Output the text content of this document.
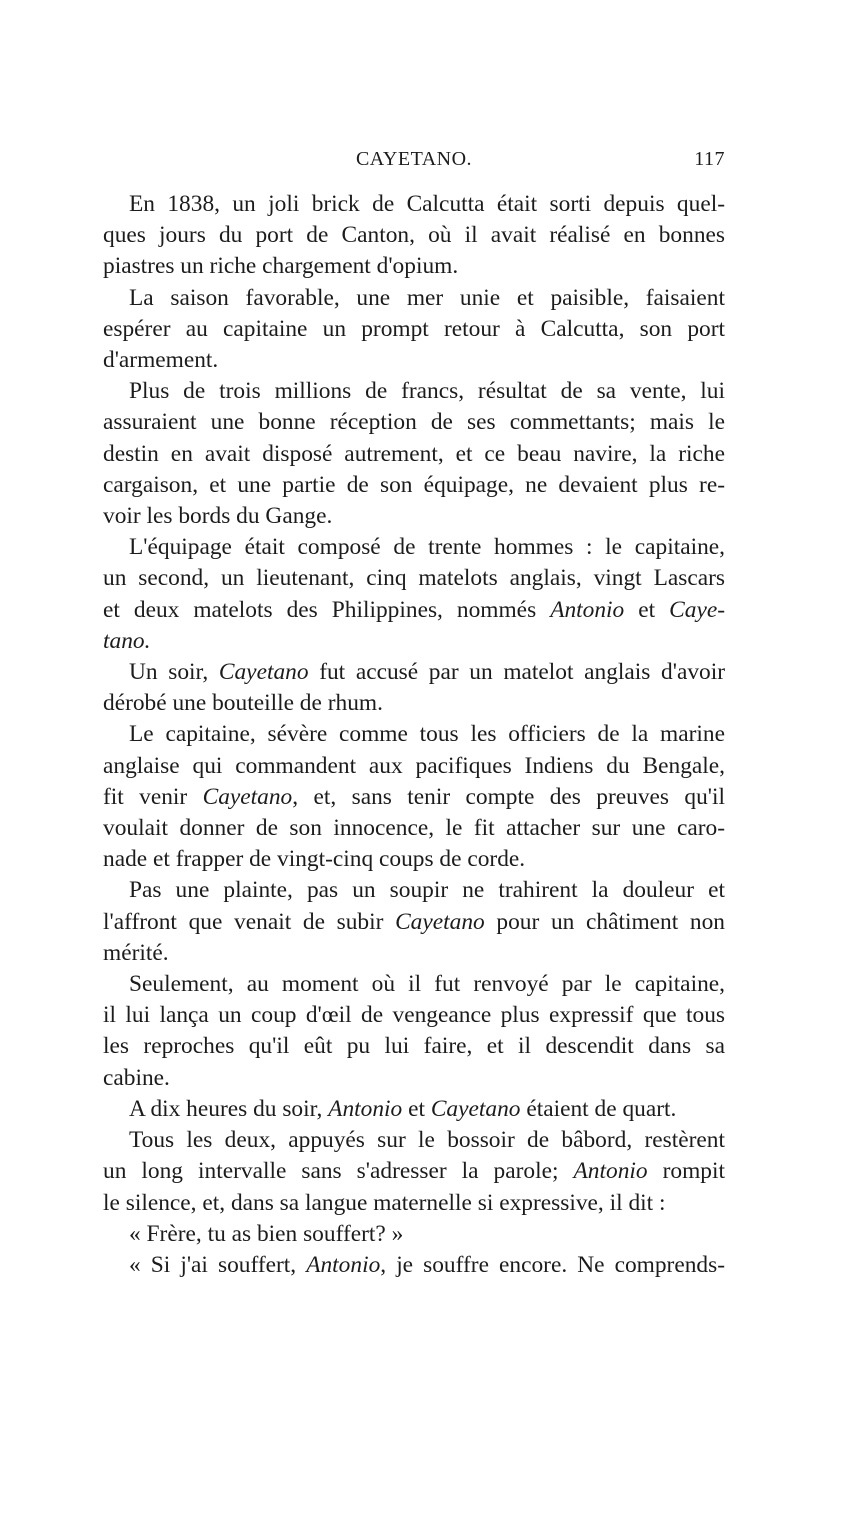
CAYETANO.	117
En 1838, un joli brick de Calcutta était sorti depuis quel-
ques jours du port de Canton, où il avait réalisé en bonnes
piastres un riche chargement d'opium.
La saison favorable, une mer unie et paisible, faisaient
espérer au capitaine un prompt retour à Calcutta, son port
d'armement.
Plus de trois millions de francs, résultat de sa vente, lui
assuraient une bonne réception de ses commettants; mais le
destin en avait disposé autrement, et ce beau navire, la riche
cargaison, et une partie de son équipage, ne devaient plus re-
voir les bords du Gange.
L'équipage était composé de trente hommes : le capitaine,
un second, un lieutenant, cinq matelots anglais, vingt Lascars
et deux matelots des Philippines, nommés Antonio et Caye-
tano.
Un soir, Cayetano fut accusé par un matelot anglais d'avoir
dérobé une bouteille de rhum.
Le capitaine, sévère comme tous les officiers de la marine
anglaise qui commandent aux pacifiques Indiens du Bengale,
fit venir Cayetano, et, sans tenir compte des preuves qu'il
voulait donner de son innocence, le fit attacher sur une caro-
nade et frapper de vingt-cinq coups de corde.
Pas une plainte, pas un soupir ne trahirent la douleur et
l'affront que venait de subir Cayetano pour un châtiment non
mérité.
Seulement, au moment où il fut renvoyé par le capitaine,
il lui lança un coup d'œil de vengeance plus expressif que tous
les reproches qu'il eût pu lui faire, et il descendit dans sa
cabine.
A dix heures du soir, Antonio et Cayetano étaient de quart.
Tous les deux, appuyés sur le bossoir de bâbord, restèrent
un long intervalle sans s'adresser la parole; Antonio rompit
le silence, et, dans sa langue maternelle si expressive, il dit :
« Frère, tu as bien souffert? »
« Si j'ai souffert, Antonio, je souffre encore. Ne comprends-
